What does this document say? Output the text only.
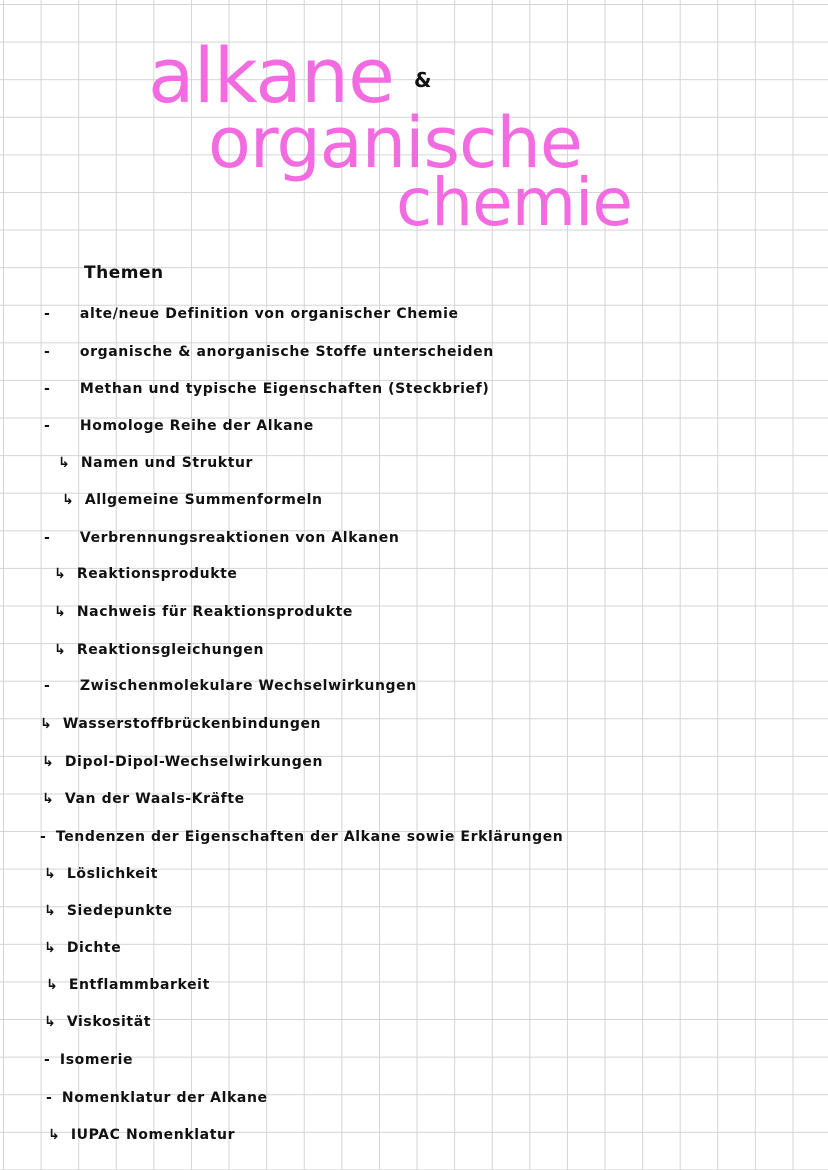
alkane &
organische
chemie
Themen
- alte/neue Definition von organischer Chemie
- organische & anorganische Stoffe unterscheiden
- Methan und typische Eigenschaften (Steckbrief)
- Homologe Reihe der Alkane
↳ Namen und Struktur
↳ Allgemeine Summenformeln
- Verbrennungsreaktionen von Alkanen
↳ Reaktionsprodukte
↳ Nachweis für Reaktionsprodukte
↳ Reaktionsgleichungen
- Zwischenmolekulare Wechselwirkungen
↳ Wasserstoffbrückenbindungen
↳ Dipol-Dipol-Wechselwirkungen
↳ Van der Waals-Kräfte
- Tendenzen der Eigenschaften der Alkane sowie Erklärungen
↳ Löslichkeit
↳ Siedepunkte
↳ Dichte
↳ Entflammbarkeit
↳ Viskosität
- Isomerie
- Nomenklatur der Alkane
↳ IUPAC Nomenklatur
